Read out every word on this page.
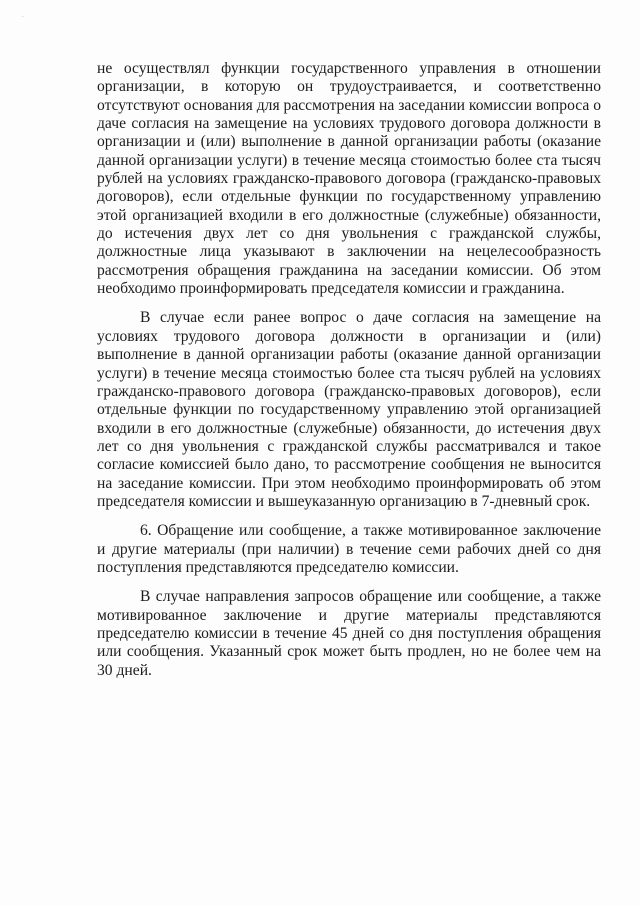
·

не осуществлял функции государственного управления в отношении организации, в которую он трудоустраивается, и соответственно отсутствуют основания для рассмотрения на заседании комиссии вопроса о даче согласия на замещение на условиях трудового договора должности в организации и (или) выполнение в данной организации работы (оказание данной организации услуги) в течение месяца стоимостью более ста тысяч рублей на условиях гражданско-правового договора (гражданско-правовых договоров), если отдельные функции по государственному управлению этой организацией входили в его должностные (служебные) обязанности, до истечения двух лет со дня увольнения с гражданской службы, должностные лица указывают в заключении на нецелесообразность рассмотрения обращения гражданина на заседании комиссии. Об этом необходимо проинформировать председателя комиссии и гражданина.

В случае если ранее вопрос о даче согласия на замещение на условиях трудового договора должности в организации и (или) выполнение в данной организации работы (оказание данной организации услуги) в течение месяца стоимостью более ста тысяч рублей на условиях гражданско-правового договора (гражданско-правовых договоров), если отдельные функции по государственному управлению этой организацией входили в его должностные (служебные) обязанности, до истечения двух лет со дня увольнения с гражданской службы рассматривался и такое согласие комиссией было дано, то рассмотрение сообщения не выносится на заседание комиссии. При этом необходимо проинформировать об этом председателя комиссии и вышеуказанную организацию в 7-дневный срок.

6. Обращение или сообщение, а также мотивированное заключение и другие материалы (при наличии) в течение семи рабочих дней со дня поступления представляются председателю комиссии.

В случае направления запросов обращение или сообщение, а также мотивированное заключение и другие материалы представляются председателю комиссии в течение 45 дней со дня поступления обращения или сообщения. Указанный срок может быть продлен, но не более чем на 30 дней.
